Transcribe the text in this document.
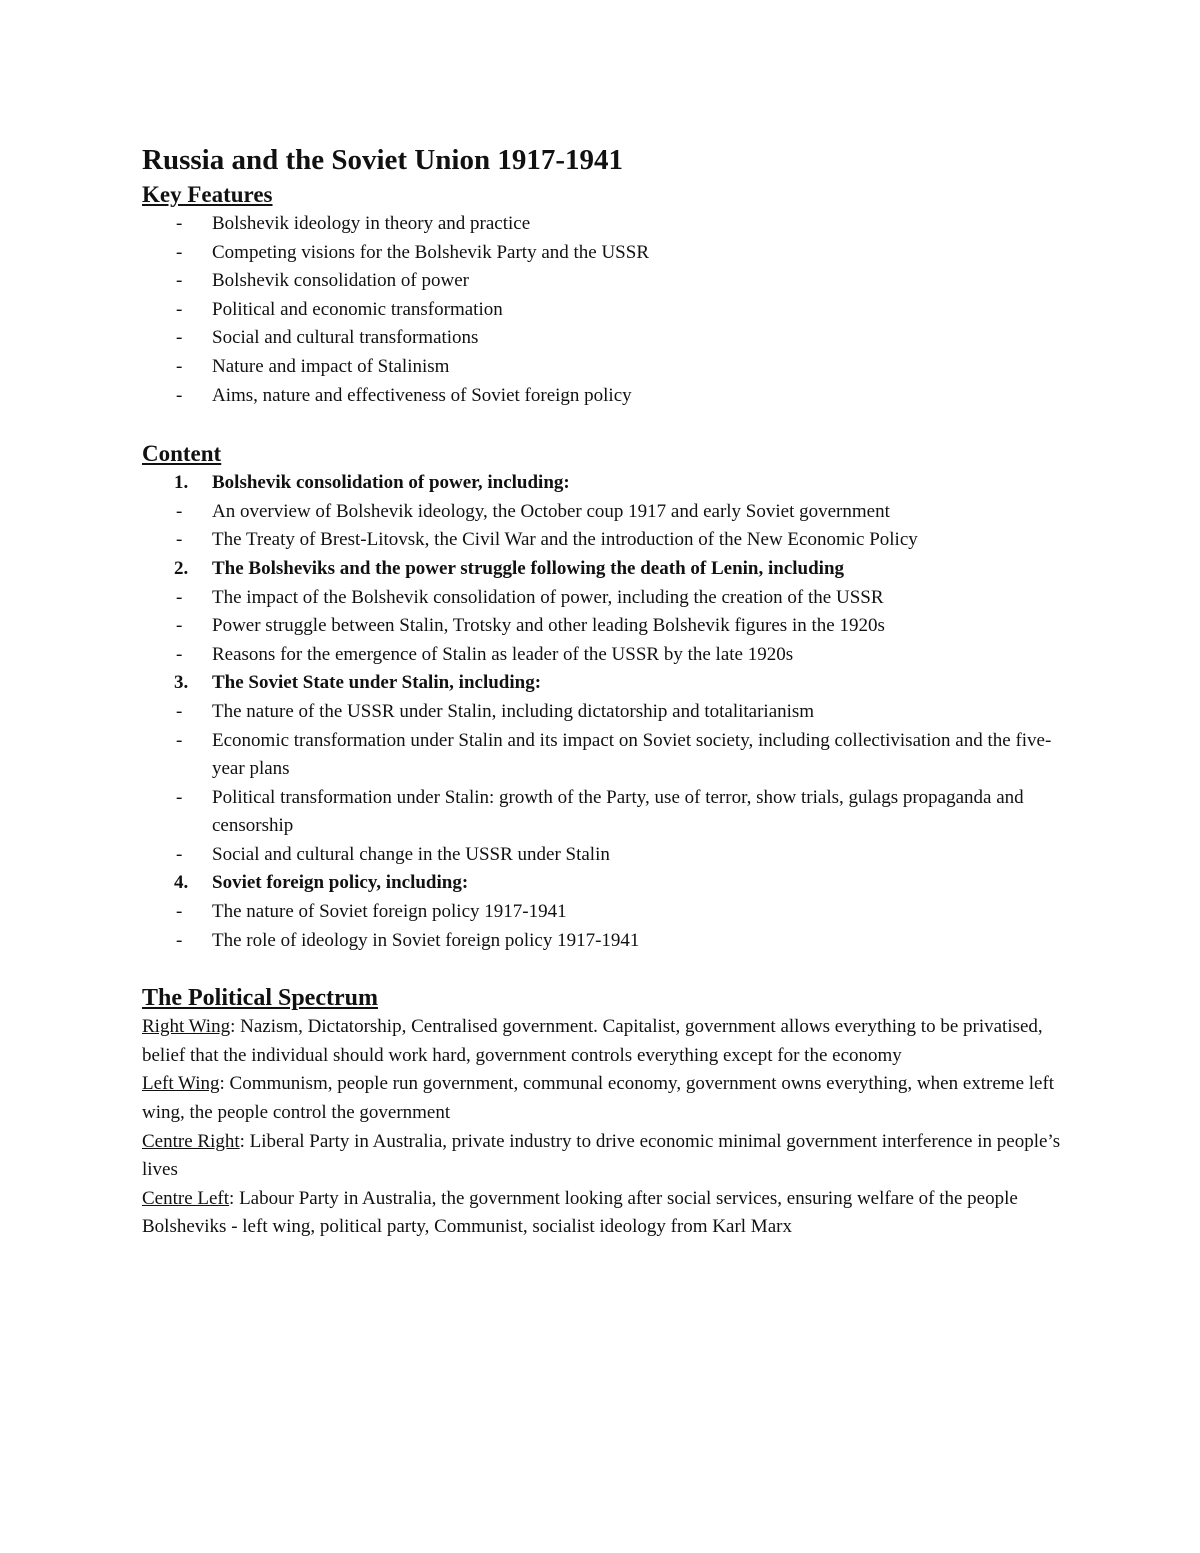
Russia and the Soviet Union 1917-1941
Key Features
- Bolshevik ideology in theory and practice
- Competing visions for the Bolshevik Party and the USSR
- Bolshevik consolidation of power
- Political and economic transformation
- Social and cultural transformations
- Nature and impact of Stalinism
- Aims, nature and effectiveness of Soviet foreign policy
Content
1. Bolshevik consolidation of power, including:
- An overview of Bolshevik ideology, the October coup 1917 and early Soviet government
- The Treaty of Brest-Litovsk, the Civil War and the introduction of the New Economic Policy
2. The Bolsheviks and the power struggle following the death of Lenin, including
- The impact of the Bolshevik consolidation of power, including the creation of the USSR
- Power struggle between Stalin, Trotsky and other leading Bolshevik figures in the 1920s
- Reasons for the emergence of Stalin as leader of the USSR by the late 1920s
3. The Soviet State under Stalin, including:
- The nature of the USSR under Stalin, including dictatorship and totalitarianism
- Economic transformation under Stalin and its impact on Soviet society, including collectivisation and the five-year plans
- Political transformation under Stalin: growth of the Party, use of terror, show trials, gulags propaganda and censorship
- Social and cultural change in the USSR under Stalin
4. Soviet foreign policy, including:
- The nature of Soviet foreign policy 1917-1941
- The role of ideology in Soviet foreign policy 1917-1941
The Political Spectrum

Right Wing: Nazism, Dictatorship, Centralised government. Capitalist, government allows everything to be privatised, belief that the individual should work hard, government controls everything except for the economy

Left Wing: Communism, people run government, communal economy, government owns everything, when extreme left wing, the people control the government

Centre Right: Liberal Party in Australia, private industry to drive economic minimal government interference in people’s lives

Centre Left: Labour Party in Australia, the government looking after social services, ensuring welfare of the people

Bolsheviks - left wing, political party, Communist, socialist ideology from Karl Marx
